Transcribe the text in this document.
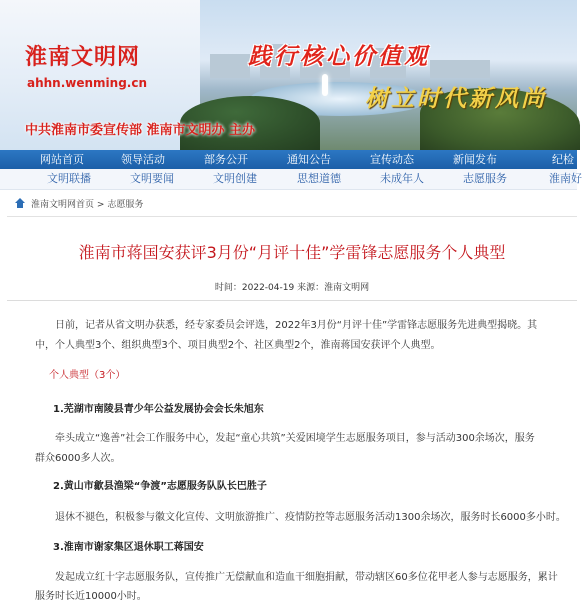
淮南文明网
ahhn.wenming.cn
中共淮南市委宣传部 淮南市文明办 主办
践行核心价值观
树立时代新风尚
网站首页	领导活动	部务公开	通知公告	宣传动态	新闻发布	纪检
文明联播	文明要闻	文明创建	思想道德	未成年人	志愿服务	淮南好
淮南文明网首页 > 志愿服务
淮南市蒋国安获评3月份“月评十佳”学雷锋志愿服务个人典型
时间：2022-04-19 来源：淮南文明网
日前，记者从省文明办获悉，经专家委员会评选，2022年3月份“月评十佳”学雷锋志愿服务先进典型揭晓。其
中，个人典型3个、组织典型3个、项目典型2个、社区典型2个，淮南蒋国安获评个人典型。
个人典型（3个）
1.芜湖市南陵县青少年公益发展协会会长朱旭东
牵头成立“逸善”社会工作服务中心，发起“童心共筑”关爱困境学生志愿服务项目，参与活动300余场次，服务
群众6000多人次。
2.黄山市歙县渔梁“争渡”志愿服务队队长巴胜子
退休不褪色，积极参与徽文化宣传、文明旅游推广、疫情防控等志愿服务活动1300余场次，服务时长6000多小时。
3.淮南市谢家集区退休职工蒋国安
发起成立红十字志愿服务队，宣传推广无偿献血和造血干细胞捐献，带动辖区60多位花甲老人参与志愿服务，累计
服务时长近10000小时。
